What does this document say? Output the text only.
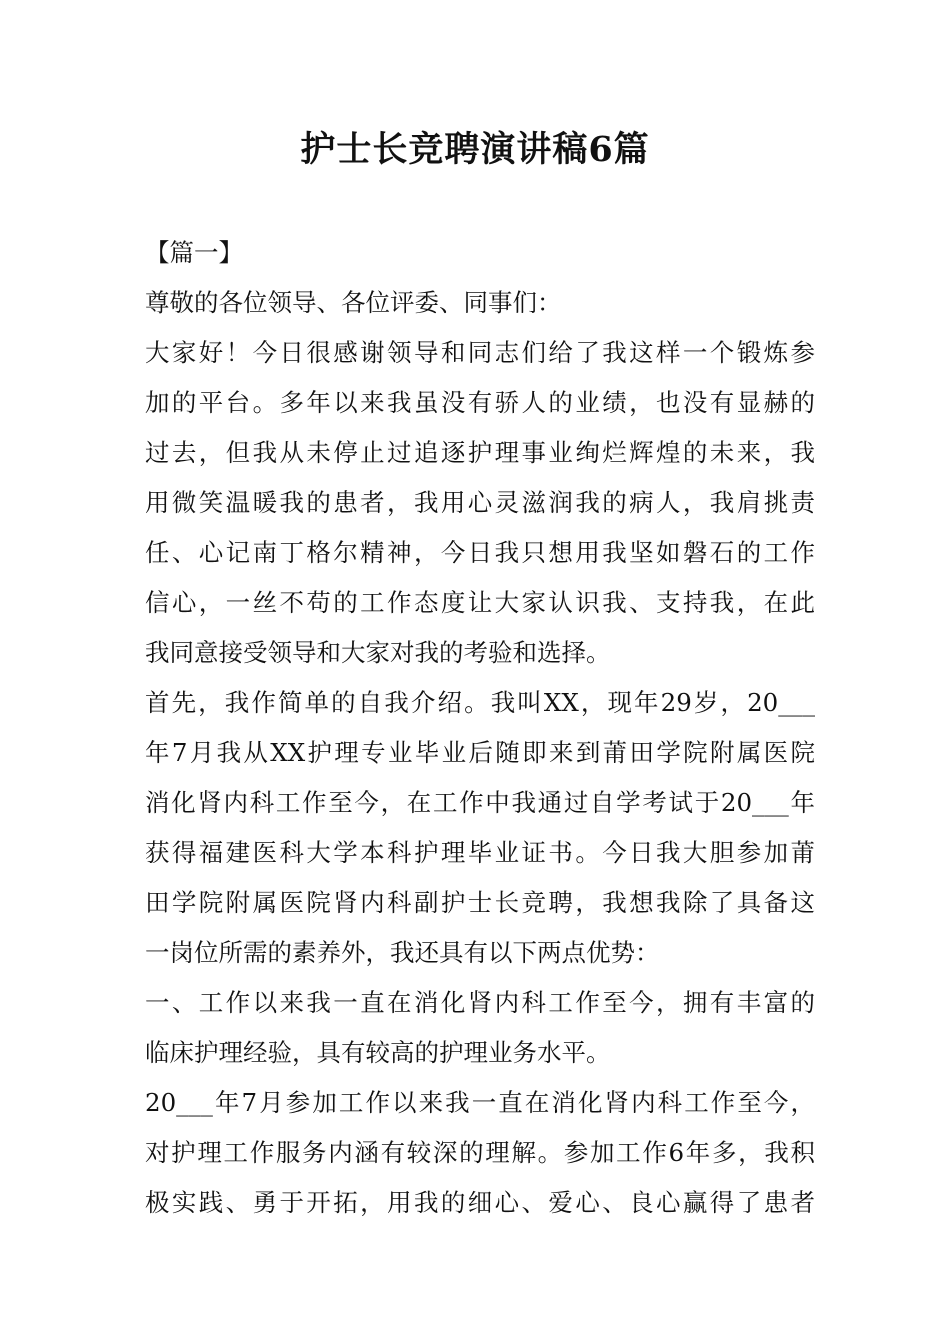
护士长竞聘演讲稿6篇
【篇一】
尊敬的各位领导、各位评委、同事们：
大家好！今日很感谢领导和同志们给了我这样一个锻炼参
加的平台。多年以来我虽没有骄人的业绩，也没有显赫的
过去，但我从未停止过追逐护理事业绚烂辉煌的未来，我
用微笑温暖我的患者，我用心灵滋润我的病人，我肩挑责
任、心记南丁格尔精神，今日我只想用我坚如磐石的工作
信心，一丝不苟的工作态度让大家认识我、支持我，在此
我同意接受领导和大家对我的考验和选择。
首先，我作简单的自我介绍。我叫XX，现年29岁，20___
年7月我从XX护理专业毕业后随即来到莆田学院附属医院
消化肾内科工作至今，在工作中我通过自学考试于20___年
获得福建医科大学本科护理毕业证书。今日我大胆参加莆
田学院附属医院肾内科副护士长竞聘，我想我除了具备这
一岗位所需的素养外，我还具有以下两点优势：
一、工作以来我一直在消化肾内科工作至今，拥有丰富的
临床护理经验，具有较高的护理业务水平。
20___年7月参加工作以来我一直在消化肾内科工作至今，
对护理工作服务内涵有较深的理解。参加工作6年多，我积
极实践、勇于开拓，用我的细心、爱心、良心赢得了患者
